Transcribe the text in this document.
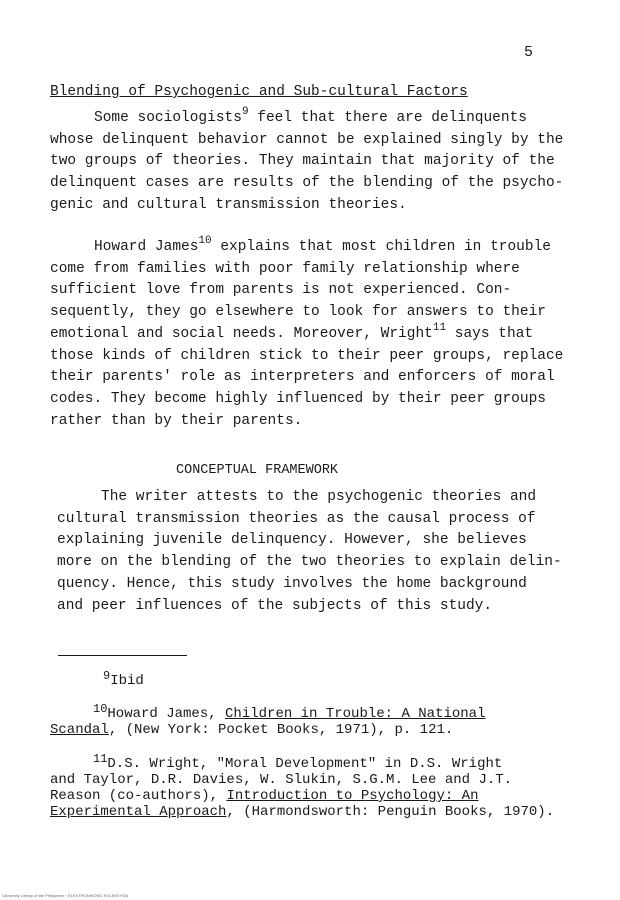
5
Blending of Psychogenic and Sub-cultural Factors
Some sociologists$^9$ feel that there are delinquents
whose delinquent behavior cannot be explained singly by the
two groups of theories. They maintain that majority of the
delinquent cases are results of the blending of the psycho-
genic and cultural transmission theories.
Howard James$^{10}$ explains that most children in trouble
come from families with poor family relationship where
sufficient love from parents is not experienced. Con-
sequently, they go elsewhere to look for answers to their
emotional and social needs. Moreover, Wright$^{11}$ says that
those kinds of children stick to their peer groups, replace
their parents' role as interpreters and enforcers of moral
codes. They become highly influenced by their peer groups
rather than by their parents.
CONCEPTUAL FRAMEWORK
The writer attests to the psychogenic theories and
cultural transmission theories as the causal process of
explaining juvenile delinquency. However, she believes
more on the blending of the two theories to explain delin-
quency. Hence, this study involves the home background
and peer influences of the subjects of this study.
$^9$Ibid
$^{10}$Howard James, Children in Trouble: A National
Scandal, (New York: Pocket Books, 1971), p. 121.
$^{11}$D.S. Wright, "Moral Development" in D.S. Wright
and Taylor, D.R. Davies, W. Slukin, S.G.M. Lee and J.T.
Reason (co-authors), Introduction to Psychology: An
Experimental Approach, (Harmondsworth: Penguin Books, 1970).
University Library of the Philippines · ELEKTRONIKONG KOLEKSYON
